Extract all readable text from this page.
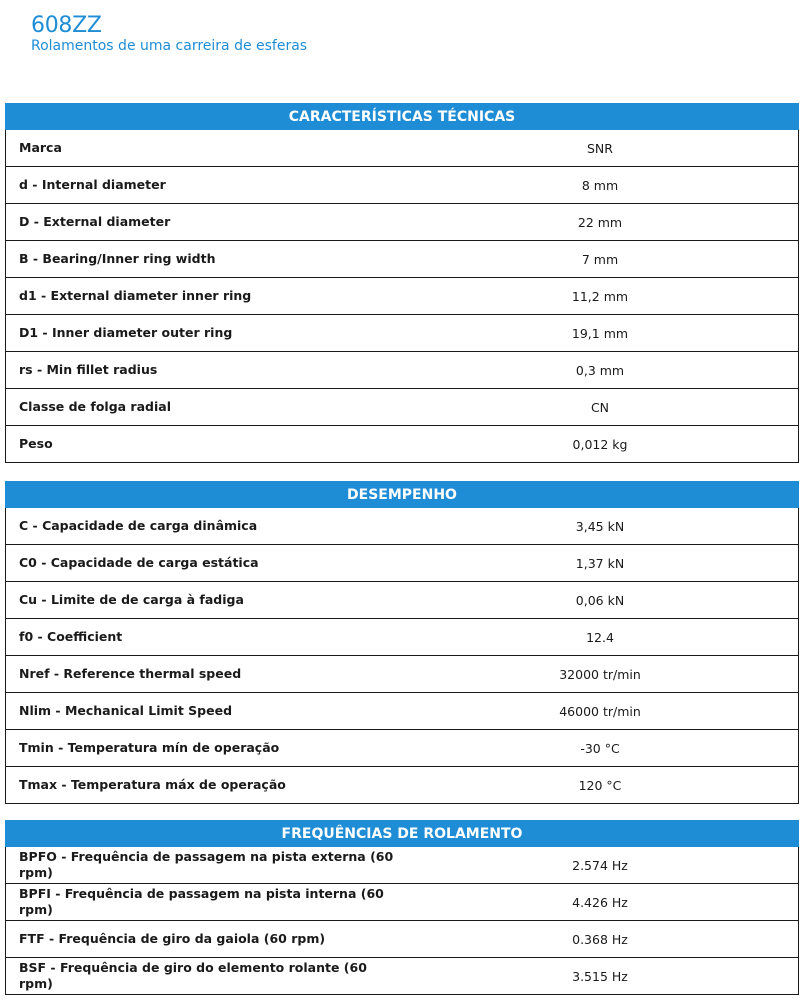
608ZZ
Rolamentos de uma carreira de esferas
CARACTERÍSTICAS TÉCNICAS	
Marca	SNR
d - Internal diameter	8 mm
D - External diameter	22 mm
B - Bearing/Inner ring width	7 mm
d1 - External diameter inner ring	11,2 mm
D1 - Inner diameter outer ring	19,1 mm
rs - Min fillet radius	0,3 mm
Classe de folga radial	CN
Peso	0,012 kg
DESEMPENHO	
C - Capacidade de carga dinâmica	3,45 kN
C0 - Capacidade de carga estática	1,37 kN
Cu - Limite de de carga à fadiga	0,06 kN
f0 - Coefficient	12.4
Nref - Reference thermal speed	32000 tr/min
Nlim - Mechanical Limit Speed	46000 tr/min
Tmin - Temperatura mín de operação	-30 °C
Tmax - Temperatura máx de operação	120 °C
FREQUÊNCIAS DE ROLAMENTO	
BPFO - Frequência de passagem na pista externa (60 rpm)	2.574 Hz
BPFI - Frequência de passagem na pista interna (60 rpm)	4.426 Hz
FTF - Frequência de giro da gaiola (60 rpm)	0.368 Hz
BSF - Frequência de giro do elemento rolante (60 rpm)	3.515 Hz
